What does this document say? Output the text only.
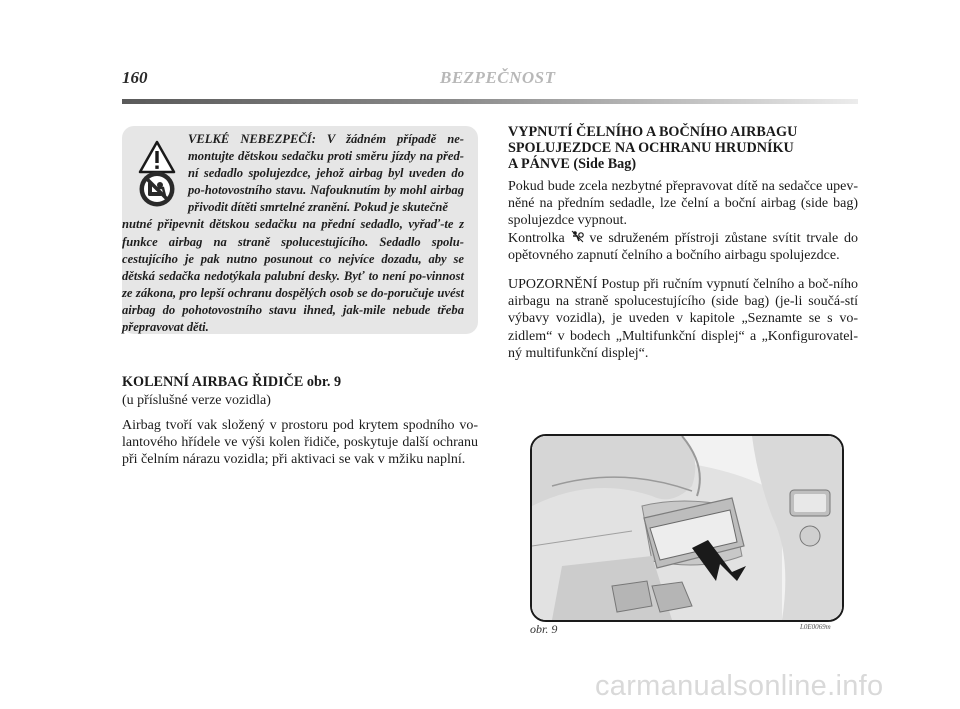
160	BEZPEČNOST
VELKÉ NEBEZPEČÍ: V žádném případě ne-montujte dětskou sedačku proti směru jízdy na před-ní sedadlo spolujezdce, jehož airbag byl uveden do po-hotovostního stavu. Nafouknutím by mohl airbag přivodit dítěti smrtelné zranění. Pokud je skutečně
nutné připevnit dětskou sedačku na přední sedadlo, vyřaď-te z funkce airbag na straně spolucestujícího. Sedadlo spolu-cestujícího je pak nutno posunout co nejvíce dozadu, aby se dětská sedačka nedotýkala palubní desky. Byť to není po-vinnost ze zákona, pro lepší ochranu dospělých osob se do-poručuje uvést airbag do pohotovostního stavu ihned, jak-mile nebude třeba přepravovat děti.

KOLENNÍ AIRBAG ŘIDIČE obr. 9

(u příslušné verze vozidla)

Airbag tvoří vak složený v prostoru pod krytem spodního vo-lantového hřídele ve výši kolen řidiče, poskytuje další ochranu při čelním nárazu vozidla; při aktivaci se vak v mžiku naplní.

VYPNUTÍ ČELNÍHO A BOČNÍHO AIRBAGU

SPOLUJEZDCE NA OCHRANU HRUDNÍKU

A PÁNVE (Side Bag)

Pokud bude zcela nezbytné přepravovat dítě na sedačce upev-něné na předním sedadle, lze čelní a boční airbag (side bag) spolujezdce vypnout.

Kontrolka ve sdruženém přístroji zůstane svítit trvale do opětovného zapnutí čelního a bočního airbagu spolujezdce.

UPOZORNĚNÍ Postup při ručním vypnutí čelního a boč-ního airbagu na straně spolucestujícího (side bag) (je-li součá-stí výbavy vozidla), je uveden v kapitole „Seznamte se s vo-zidlem“ v bodech „Multifunkční displej“ a „Konfigurovatel-ný multifunkční displej“.

obr. 9	L0E0069m
carmanualsonline.info
